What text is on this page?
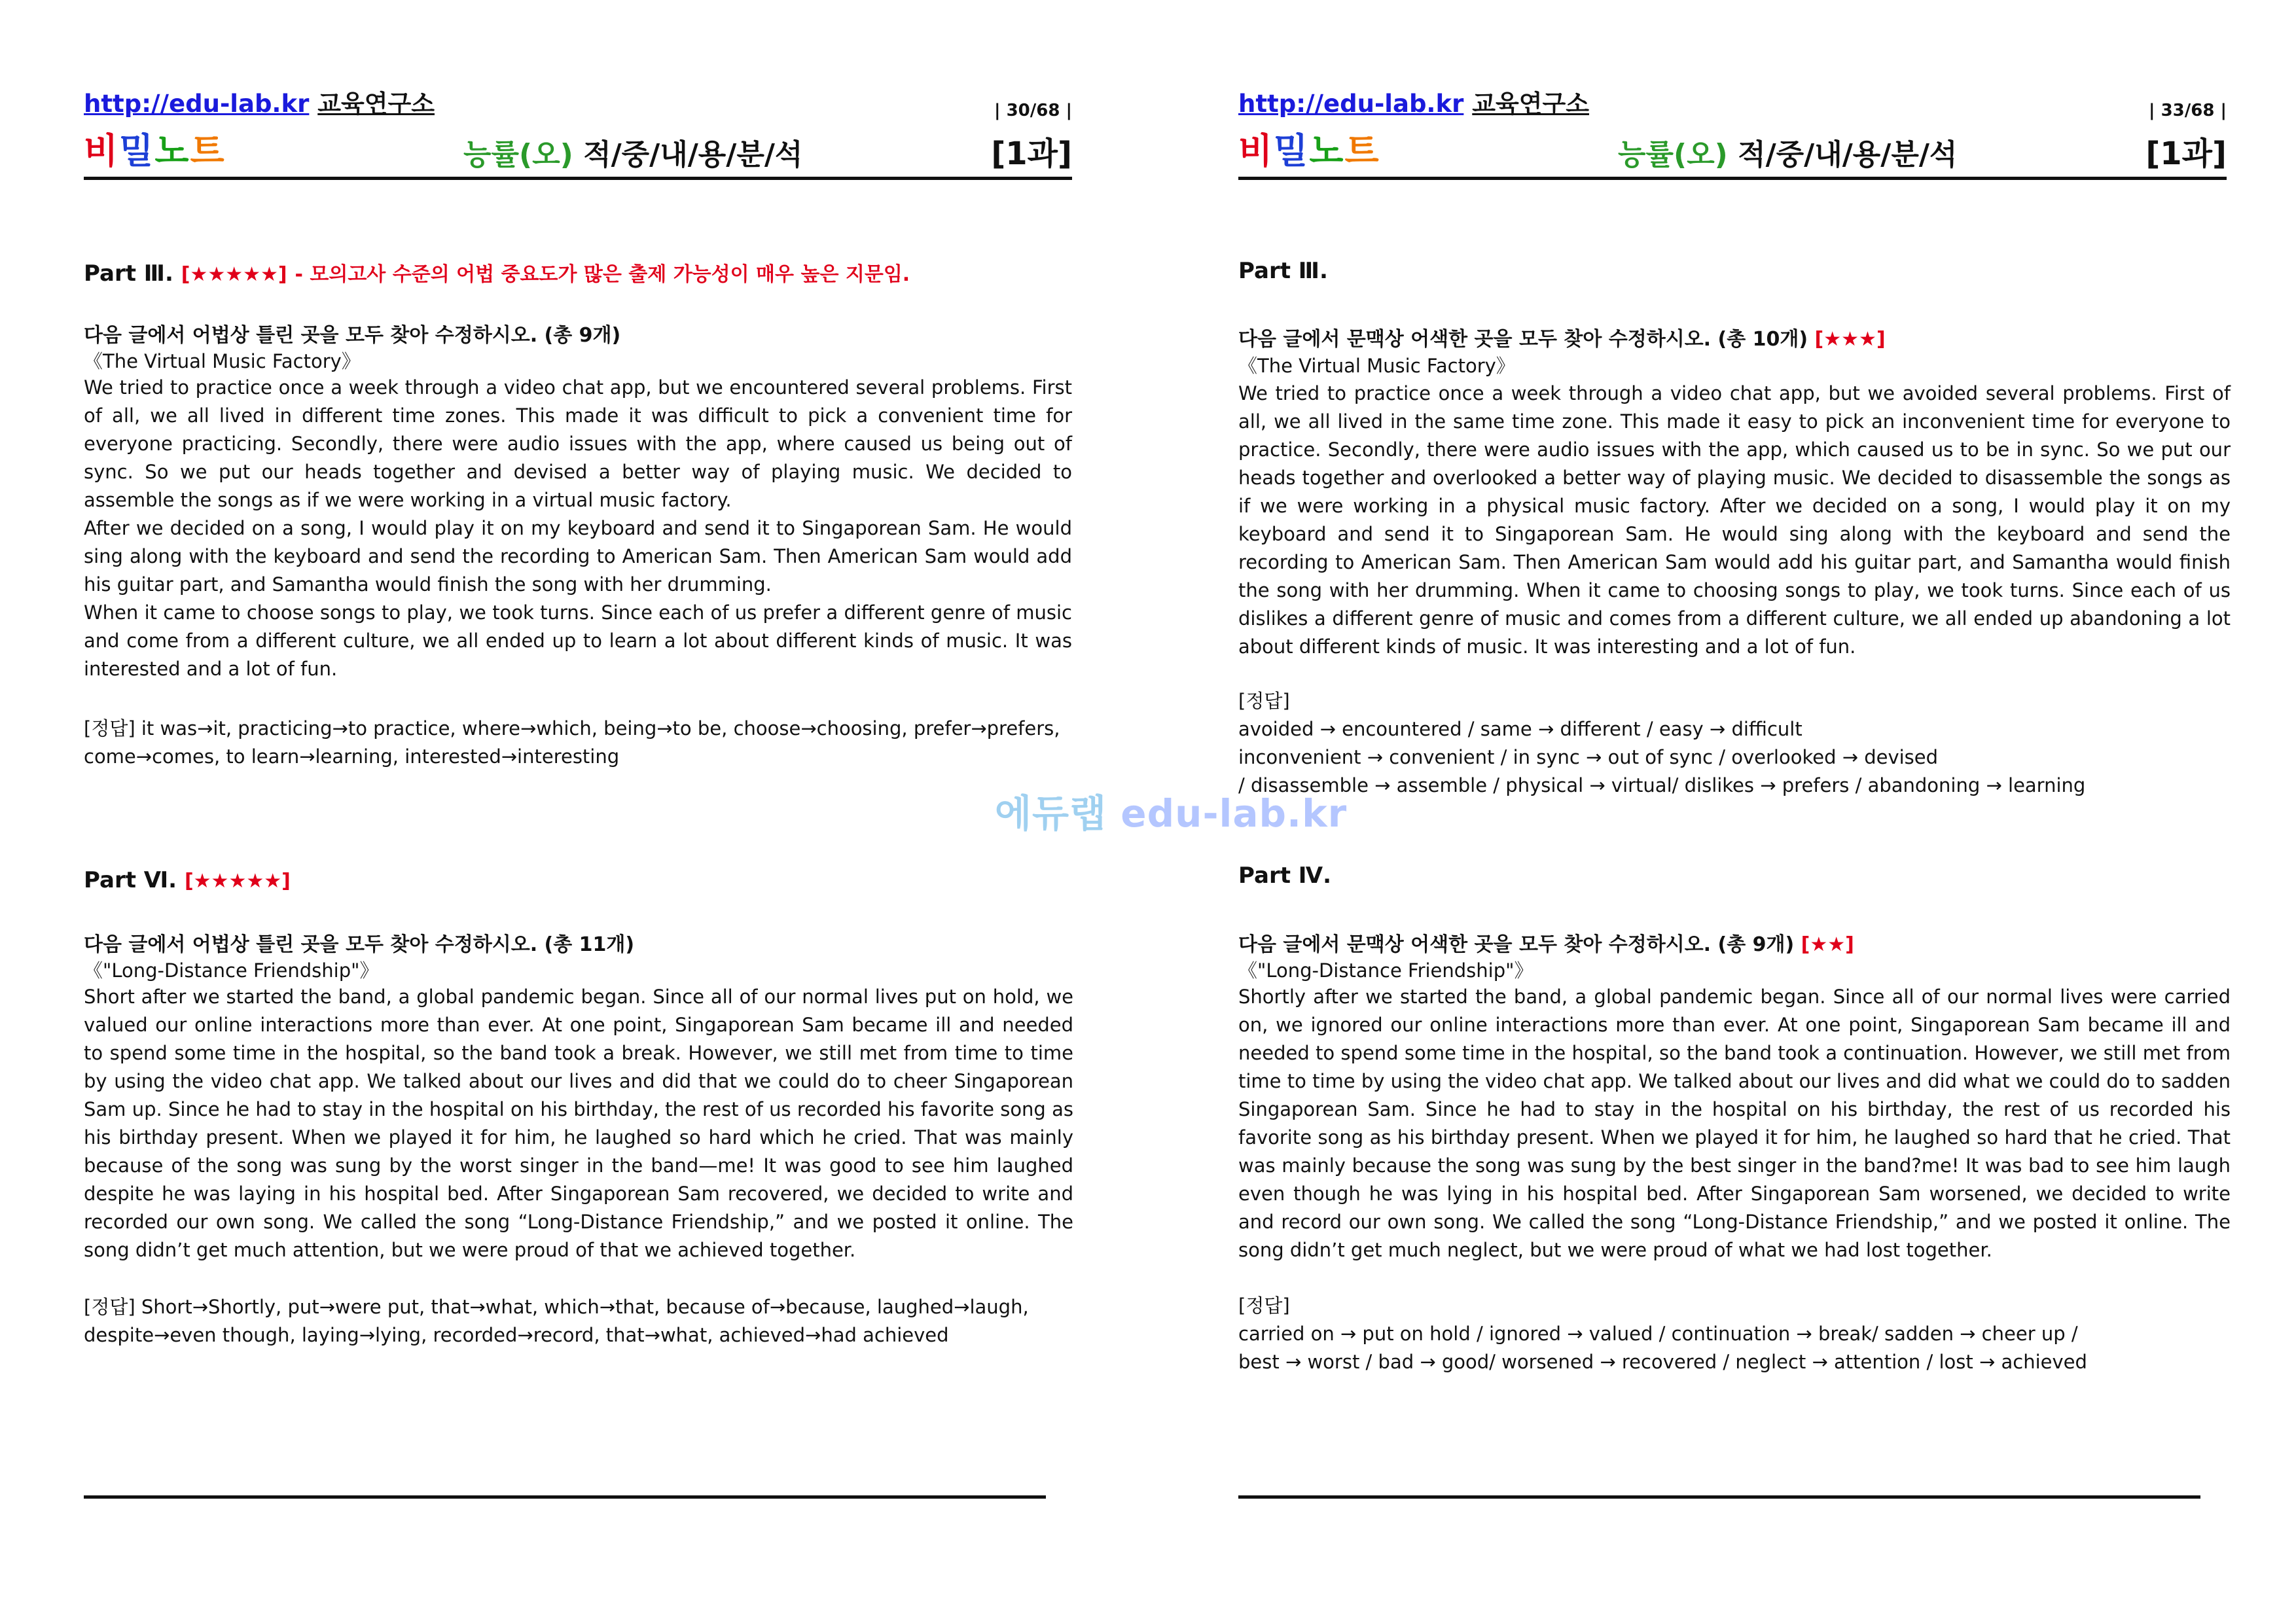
http://edu-lab.kr 교육연구소	| 30/68 |
비밀노트	능률(오) 적/중/내/용/분/석	[1과]
Part Ⅲ. [★★★★★] - 모의고사 수준의 어법 중요도가 많은 출제 가능성이 매우 높은 지문임.
다음 글에서 어법상 틀린 곳을 모두 찾아 수정하시오. (총 9개)
《The Virtual Music Factory》
We tried to practice once a week through a video chat app, but we encountered several problems. First of all, we all lived in different time zones. This made it was difficult to pick a convenient time for everyone practicing. Secondly, there were audio issues with the app, where caused us being out of sync. So we put our heads together and devised a better way of playing music. We decided to assemble the songs as if we were working in a virtual music factory.
After we decided on a song, I would play it on my keyboard and send it to Singaporean Sam. He would sing along with the keyboard and send the recording to American Sam. Then American Sam would add his guitar part, and Samantha would finish the song with her drumming.
When it came to choose songs to play, we took turns. Since each of us prefer a different genre of music and come from a different culture, we all ended up to learn a lot about different kinds of music. It was interested and a lot of fun.
[정답] it was→it, practicing→to practice, where→which, being→to be, choose→choosing, prefer→prefers,
come→comes, to learn→learning, interested→interesting
Part Ⅵ. [★★★★★]
다음 글에서 어법상 틀린 곳을 모두 찾아 수정하시오. (총 11개)
《"Long-Distance Friendship"》
Short after we started the band, a global pandemic began. Since all of our normal lives put on hold, we valued our online interactions more than ever. At one point, Singaporean Sam became ill and needed to spend some time in the hospital, so the band took a break. However, we still met from time to time by using the video chat app. We talked about our lives and did that we could do to cheer Singaporean Sam up. Since he had to stay in the hospital on his birthday, the rest of us recorded his favorite song as his birthday present. When we played it for him, he laughed so hard which he cried. That was mainly because of the song was sung by the worst singer in the band—me! It was good to see him laughed despite he was laying in his hospital bed. After Singaporean Sam recovered, we decided to write and recorded our own song. We called the song “Long-Distance Friendship,” and we posted it online. The song didn’t get much attention, but we were proud of that we achieved together.
[정답] Short→Shortly, put→were put, that→what, which→that, because of→because, laughed→laugh,
despite→even though, laying→lying, recorded→record, that→what, achieved→had achieved
http://edu-lab.kr 교육연구소	| 33/68 |
비밀노트	능률(오) 적/중/내/용/분/석	[1과]
Part Ⅲ.
다음 글에서 문맥상 어색한 곳을 모두 찾아 수정하시오. (총 10개) [★★★]
《The Virtual Music Factory》
We tried to practice once a week through a video chat app, but we avoided several problems. First of all, we all lived in the same time zone. This made it easy to pick an inconvenient time for everyone to practice. Secondly, there were audio issues with the app, which caused us to be in sync. So we put our heads together and overlooked a better way of playing music. We decided to disassemble the songs as if we were working in a physical music factory. After we decided on a song, I would play it on my keyboard and send it to Singaporean Sam. He would sing along with the keyboard and send the recording to American Sam. Then American Sam would add his guitar part, and Samantha would finish the song with her drumming. When it came to choosing songs to play, we took turns. Since each of us dislikes a different genre of music and comes from a different culture, we all ended up abandoning a lot about different kinds of music. It was interesting and a lot of fun.
[정답]
avoided → encountered / same → different / easy → difficult
inconvenient → convenient / in sync → out of sync / overlooked → devised
/ disassemble → assemble / physical → virtual/ dislikes → prefers / abandoning → learning
Part Ⅳ.
다음 글에서 문맥상 어색한 곳을 모두 찾아 수정하시오. (총 9개) [★★]
《"Long-Distance Friendship"》
Shortly after we started the band, a global pandemic began. Since all of our normal lives were carried on, we ignored our online interactions more than ever. At one point, Singaporean Sam became ill and needed to spend some time in the hospital, so the band took a continuation. However, we still met from time to time by using the video chat app. We talked about our lives and did what we could do to sadden Singaporean Sam. Since he had to stay in the hospital on his birthday, the rest of us recorded his favorite song as his birthday present. When we played it for him, he laughed so hard that he cried. That was mainly because the song was sung by the best singer in the band?me! It was bad to see him laugh even though he was lying in his hospital bed. After Singaporean Sam worsened, we decided to write and record our own song. We called the song “Long-Distance Friendship,” and we posted it online. The song didn’t get much neglect, but we were proud of what we had lost together.
[정답]
carried on → put on hold / ignored → valued / continuation → break/ sadden → cheer up /
best → worst / bad → good/ worsened → recovered / neglect → attention / lost → achieved
에듀랩 edu-lab.kr
